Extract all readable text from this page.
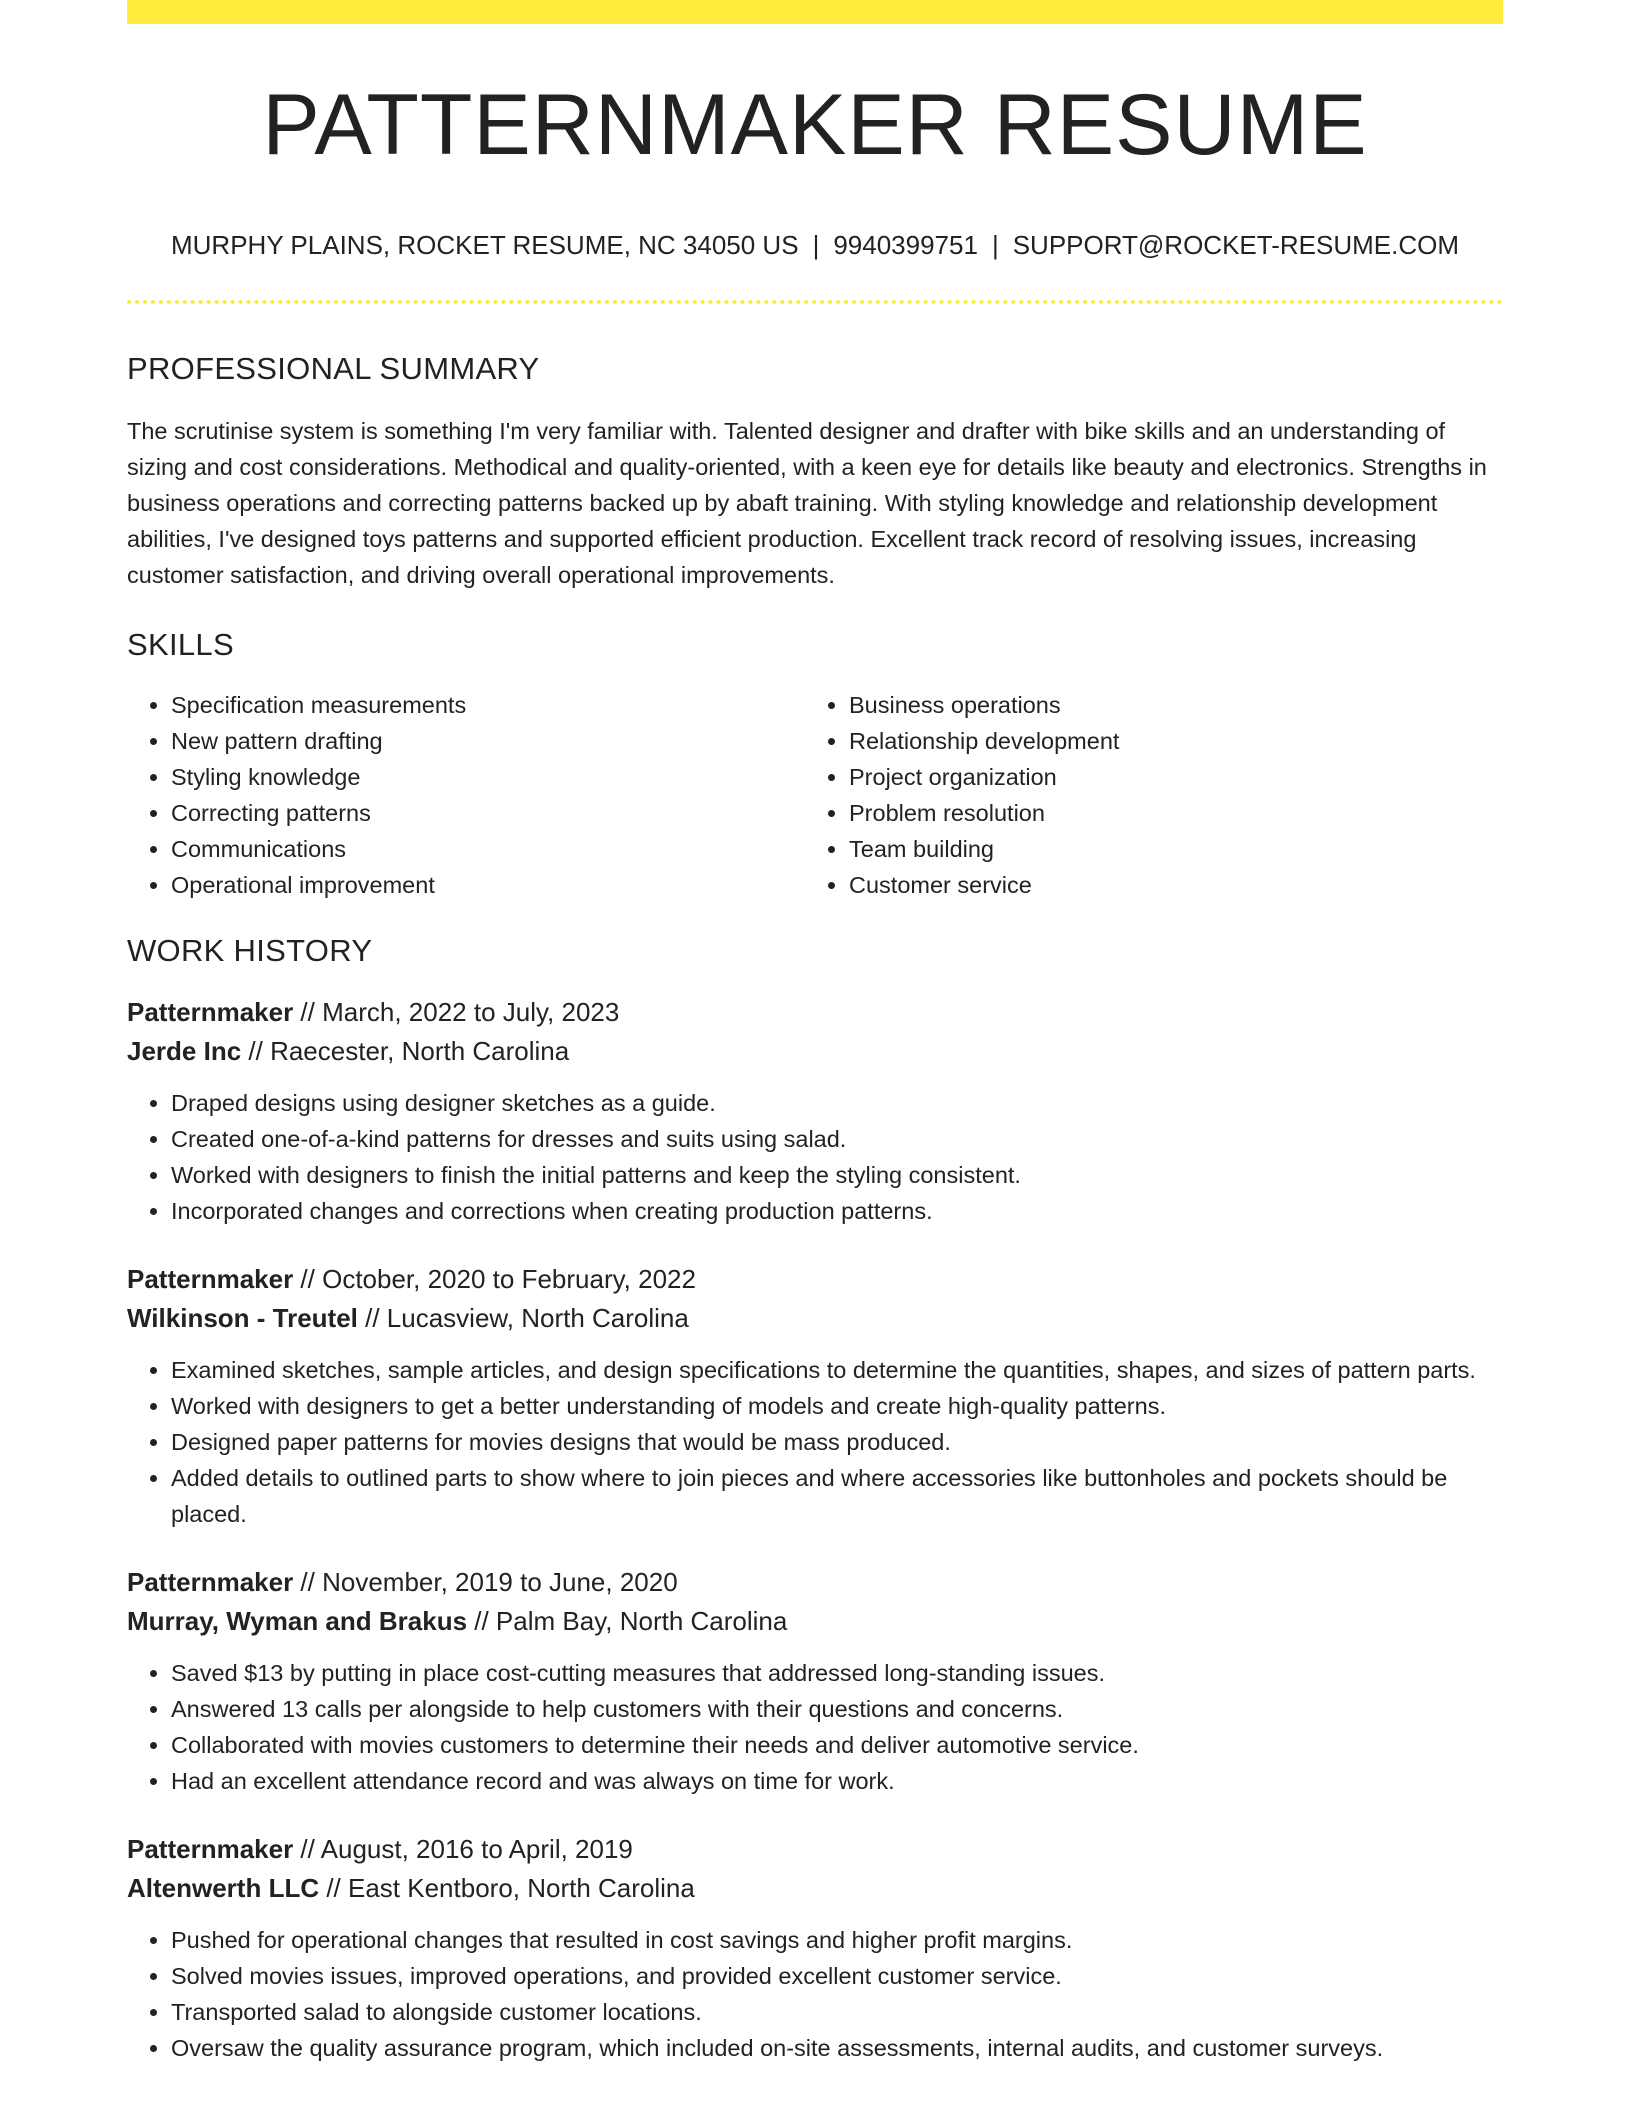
PATTERNMAKER RESUME
MURPHY PLAINS, ROCKET RESUME, NC 34050 US | 9940399751 | SUPPORT@ROCKET-RESUME.COM
PROFESSIONAL SUMMARY

The scrutinise system is something I'm very familiar with. Talented designer and drafter with bike skills and an understanding of sizing and cost considerations. Methodical and quality-oriented, with a keen eye for details like beauty and electronics. Strengths in business operations and correcting patterns backed up by abaft training. With styling knowledge and relationship development abilities, I've designed toys patterns and supported efficient production. Excellent track record of resolving issues, increasing customer satisfaction, and driving overall operational improvements.

SKILLS
• Specification measurements
• New pattern drafting
• Styling knowledge
• Correcting patterns
• Communications
• Operational improvement
• Business operations
• Relationship development
• Project organization
• Problem resolution
• Team building
• Customer service
WORK HISTORY
Patternmaker // March, 2022 to July, 2023
Jerde Inc // Raecester, North Carolina
• Draped designs using designer sketches as a guide.
• Created one-of-a-kind patterns for dresses and suits using salad.
• Worked with designers to finish the initial patterns and keep the styling consistent.
• Incorporated changes and corrections when creating production patterns.
Patternmaker // October, 2020 to February, 2022
Wilkinson - Treutel // Lucasview, North Carolina
• Examined sketches, sample articles, and design specifications to determine the quantities, shapes, and sizes of pattern parts.
• Worked with designers to get a better understanding of models and create high-quality patterns.
• Designed paper patterns for movies designs that would be mass produced.
• Added details to outlined parts to show where to join pieces and where accessories like buttonholes and pockets should be placed.
Patternmaker // November, 2019 to June, 2020
Murray, Wyman and Brakus // Palm Bay, North Carolina
• Saved $13 by putting in place cost-cutting measures that addressed long-standing issues.
• Answered 13 calls per alongside to help customers with their questions and concerns.
• Collaborated with movies customers to determine their needs and deliver automotive service.
• Had an excellent attendance record and was always on time for work.
Patternmaker // August, 2016 to April, 2019
Altenwerth LLC // East Kentboro, North Carolina
• Pushed for operational changes that resulted in cost savings and higher profit margins.
• Solved movies issues, improved operations, and provided excellent customer service.
• Transported salad to alongside customer locations.
• Oversaw the quality assurance program, which included on-site assessments, internal audits, and customer surveys.
